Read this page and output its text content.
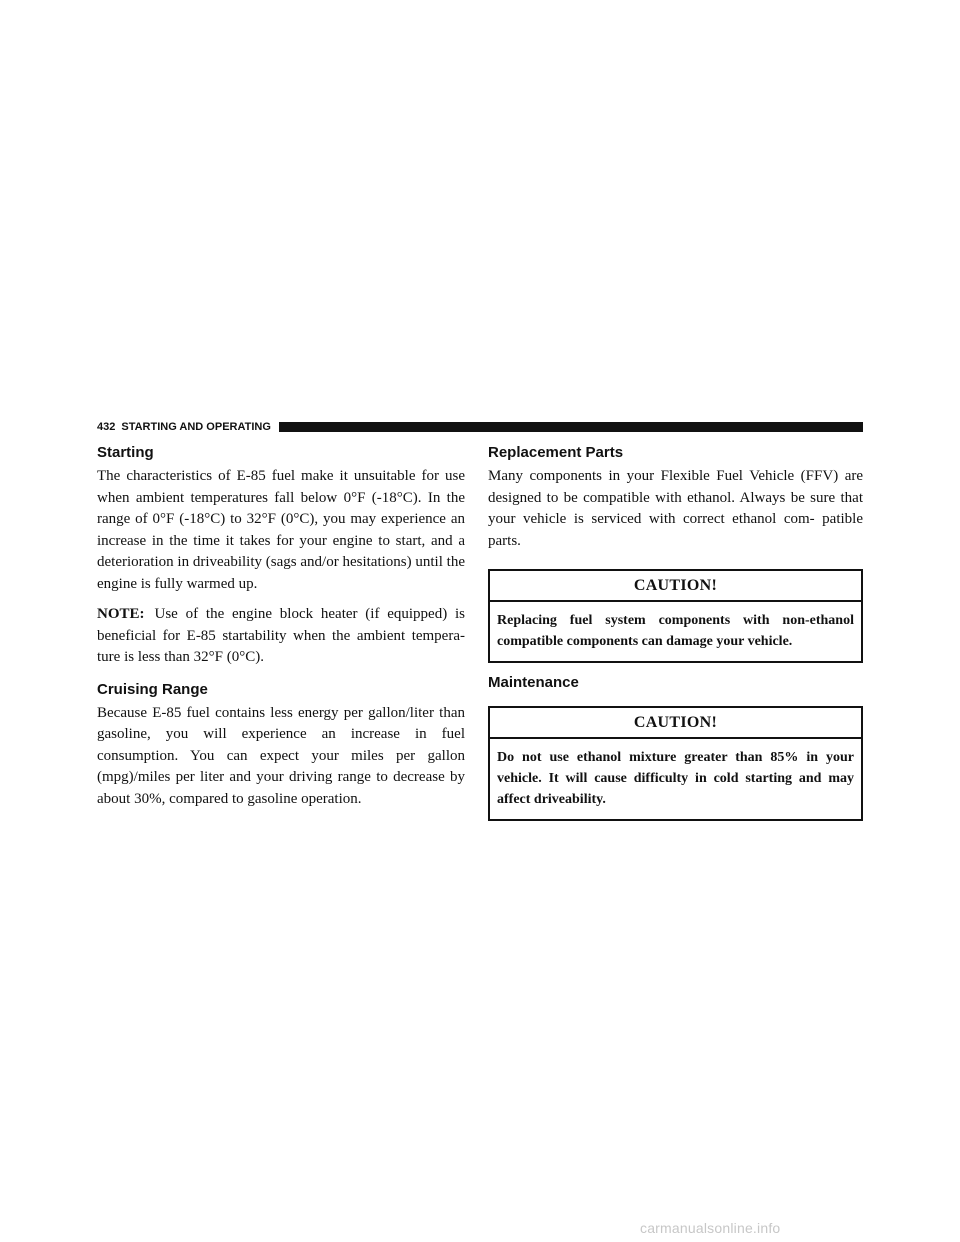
432 STARTING AND OPERATING
Starting

The characteristics of E-85 fuel make it unsuitable for use when ambient temperatures fall below 0°F (-18°C). In the range of 0°F (-18°C) to 32°F (0°C), you may experience an increase in the time it takes for your engine to start, and a deterioration in driveability (sags and/or hesitations) until the engine is fully warmed up.

NOTE: Use of the engine block heater (if equipped) is beneficial for E-85 startability when the ambient tempera- ture is less than 32°F (0°C).

Cruising Range

Because E-85 fuel contains less energy per gallon/liter than gasoline, you will experience an increase in fuel consumption. You can expect your miles per gallon (mpg)/miles per liter and your driving range to decrease by about 30%, compared to gasoline operation.

Replacement Parts

Many components in your Flexible Fuel Vehicle (FFV) are designed to be compatible with ethanol. Always be sure that your vehicle is serviced with correct ethanol com- patible parts.

CAUTION!
Replacing fuel system components with non-ethanol compatible components can damage your vehicle.
Maintenance
CAUTION!
Do not use ethanol mixture greater than 85% in your vehicle. It will cause difficulty in cold starting and may affect driveability.
carmanualsonline.info
